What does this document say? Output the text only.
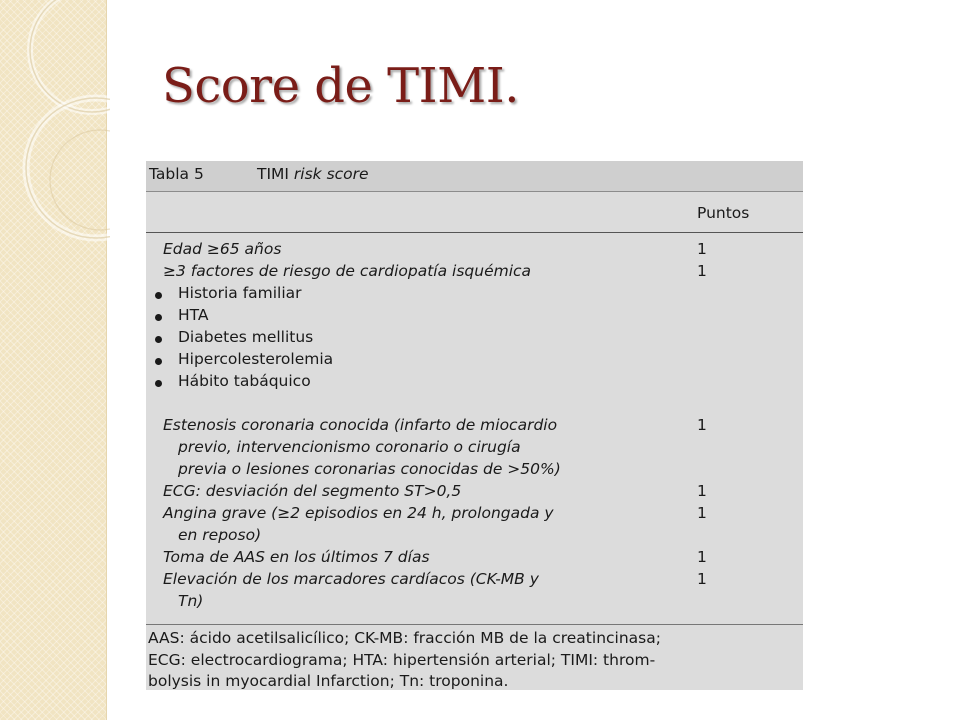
Score de TIMI.
Tabla 5	TIMI risk score
Puntos
Edad ≥65 años	1
≥3 factores de riesgo de cardiopatía isquémica	1
Historia familiar
HTA
Diabetes mellitus
Hipercolesterolemia
Hábito tabáquico
Estenosis coronaria conocida (infarto de miocardio	1
previo, intervencionismo coronario o cirugía
previa o lesiones coronarias conocidas de >50%)
ECG: desviación del segmento ST>0,5	1
Angina grave (≥2 episodios en 24 h, prolongada y	1
en reposo)
Toma de AAS en los últimos 7 días	1
Elevación de los marcadores cardíacos (CK-MB y	1
Tn)
AAS: ácido acetilsalicílico; CK-MB: fracción MB de la creatincinasa;
ECG: electrocardiograma; HTA: hipertensión arterial; TIMI: throm-
bolysis in myocardial Infarction; Tn: troponina.
